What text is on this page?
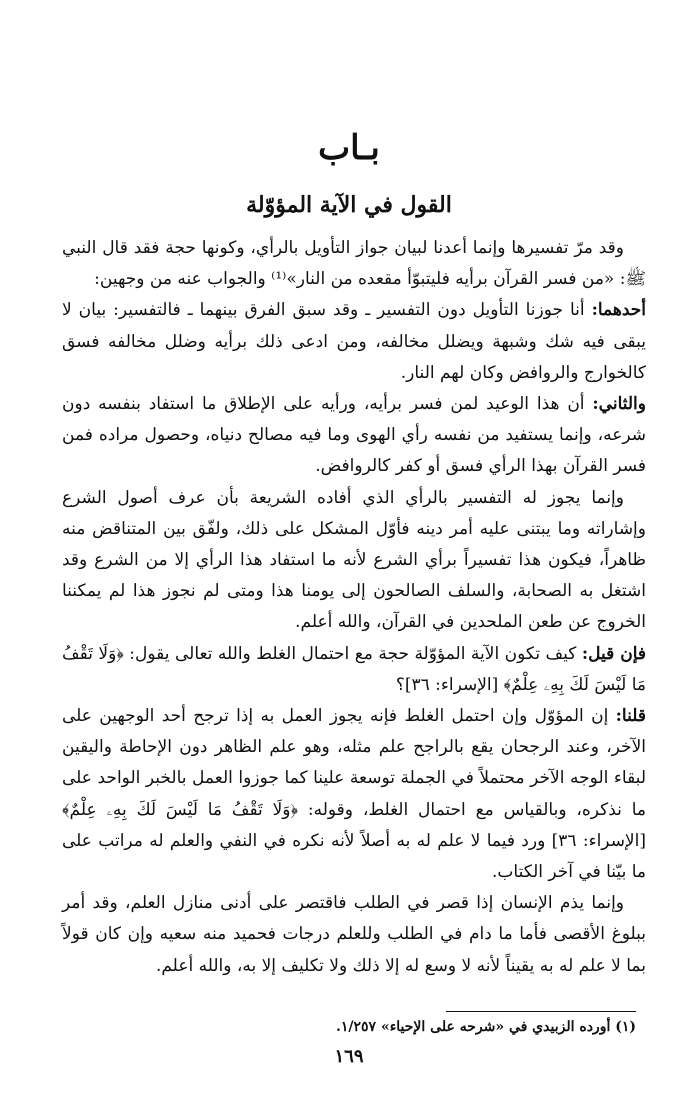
بـاب
القول في الآية المؤوّلة

وقد مرّ تفسيرها وإنما أعدنا لبيان جواز التأويل بالرأي، وكونها حجة فقد قال النبي ﷺ: «من فسر القرآن برأيه فليتبوّأ مقعده من النار»⁽¹⁾ والجواب عنه من وجهين:

أحدهما: أنا جوزنا التأويل دون التفسير ـ وقد سبق الفرق بينهما ـ فالتفسير: بيان لا يبقى فيه شك وشبهة ويضلل مخالفه، ومن ادعى ذلك برأيه وضلل مخالفه فسق كالخوارج والروافض وكان لهم النار.

والثاني: أن هذا الوعيد لمن فسر برأيه، ورأيه على الإطلاق ما استفاد بنفسه دون شرعه، وإنما يستفيد من نفسه رأي الهوى وما فيه مصالح دنياه، وحصول مراده فمن فسر القرآن بهذا الرأي فسق أو كفر كالروافض.

وإنما يجوز له التفسير بالرأي الذي أفاده الشريعة بأن عرف أصول الشرع وإشاراته وما يبتنى عليه أمر دينه فأوّل المشكل على ذلك، ولفّق بين المتناقض منه ظاهراً، فيكون هذا تفسيراً برأي الشرع لأنه ما استفاد هذا الرأي إلا من الشرع وقد اشتغل به الصحابة، والسلف الصالحون إلى يومنا هذا ومتى لم نجوز هذا لم يمكننا الخروج عن طعن الملحدين في القرآن، والله أعلم.

فإن قيل: كيف تكون الآية المؤوّلة حجة مع احتمال الغلط والله تعالى يقول: ﴿وَلَا تَقْفُ مَا لَيْسَ لَكَ بِهِۦ عِلْمٌ﴾ [الإسراء: ٣٦]؟

قلنا: إن المؤوّل وإن احتمل الغلط فإنه يجوز العمل به إذا ترجح أحد الوجهين على الآخر، وعند الرجحان يقع بالراجح علم مثله، وهو علم الظاهر دون الإحاطة واليقين لبقاء الوجه الآخر محتملاً في الجملة توسعة علينا كما جوزوا العمل بالخبر الواحد على ما نذكره، وبالقياس مع احتمال الغلط، وقوله: ﴿وَلَا تَقْفُ مَا لَيْسَ لَكَ بِهِۦ عِلْمٌ﴾ [الإسراء: ٣٦] ورد فيما لا علم له به أصلاً لأنه نكره في النفي والعلم له مراتب على ما بيّنا في آخر الكتاب.

وإنما يذم الإنسان إذا قصر في الطلب فاقتصر على أدنى منازل العلم، وقد أمر ببلوغ الأقصى فأما ما دام في الطلب وللعلم درجات فحميد منه سعيه وإن كان قولاً بما لا علم له به يقيناً لأنه لا وسع له إلا ذلك ولا تكليف إلا به، والله أعلم.

(١) أورده الزبيدي في «شرحه على الإحياء» ١/٢٥٧.
١٦٩
